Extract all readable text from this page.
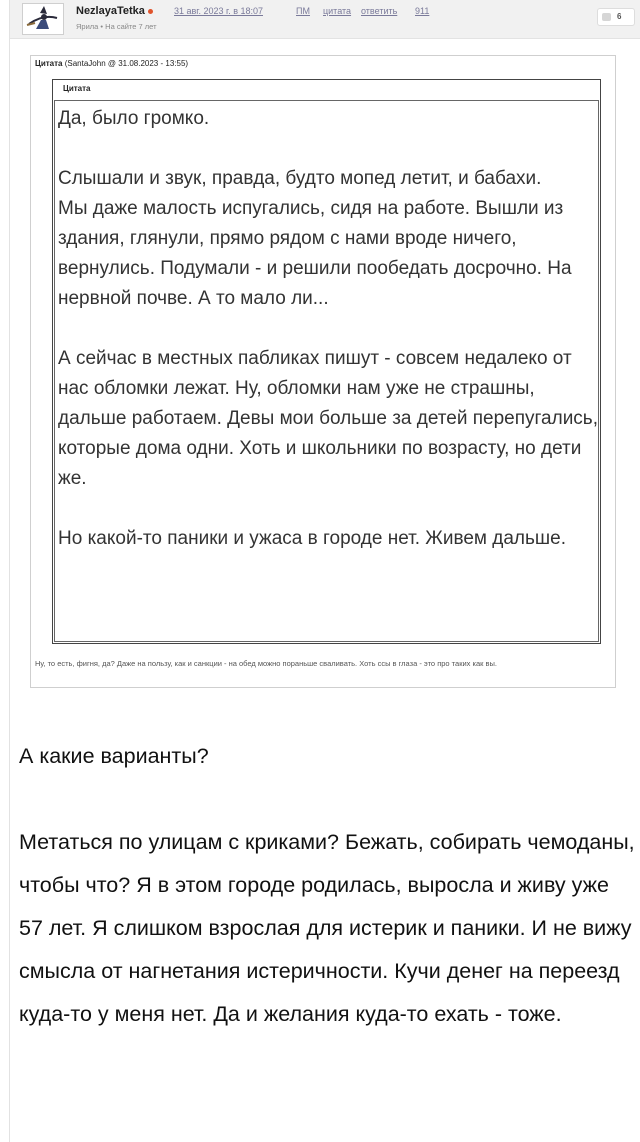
NezlayaTetka	31 авг. 2023 г. в 18:07	ПМ цитата ответить 911
Ярила • На сайте 7 лет
6
Цитата (SantaJohn @ 31.08.2023 - 13:55)
Цитата

Да, было громко.

Слышали и звук, правда, будто мопед летит, и бабахи.

Мы даже малость испугались, сидя на работе. Вышли из здания, глянули, прямо рядом с нами вроде ничего, вернулись. Подумали - и решили пообедать досрочно. На нервной почве. А то мало ли...

А сейчас в местных пабликах пишут - совсем недалеко от нас обломки лежат. Ну, обломки нам уже не страшны, дальше работаем. Девы мои больше за детей перепугались, которые дома одни. Хоть и школьники по возрасту, но дети же.

Но какой-то паники и ужаса в городе нет. Живем дальше.

Ну, то есть, фигня, да? Даже на пользу, как и санкции - на обед можно пораньше сваливать. Хоть ссы в глаза - это про таких как вы.

А какие варианты?

Метаться по улицам с криками? Бежать, собирать чемоданы, чтобы что? Я в этом городе родилась, выросла и живу уже 57 лет. Я слишком взрослая для истерик и паники. И не вижу смысла от нагнетания истеричности. Кучи денег на переезд куда-то у меня нет. Да и желания куда-то ехать - тоже.
